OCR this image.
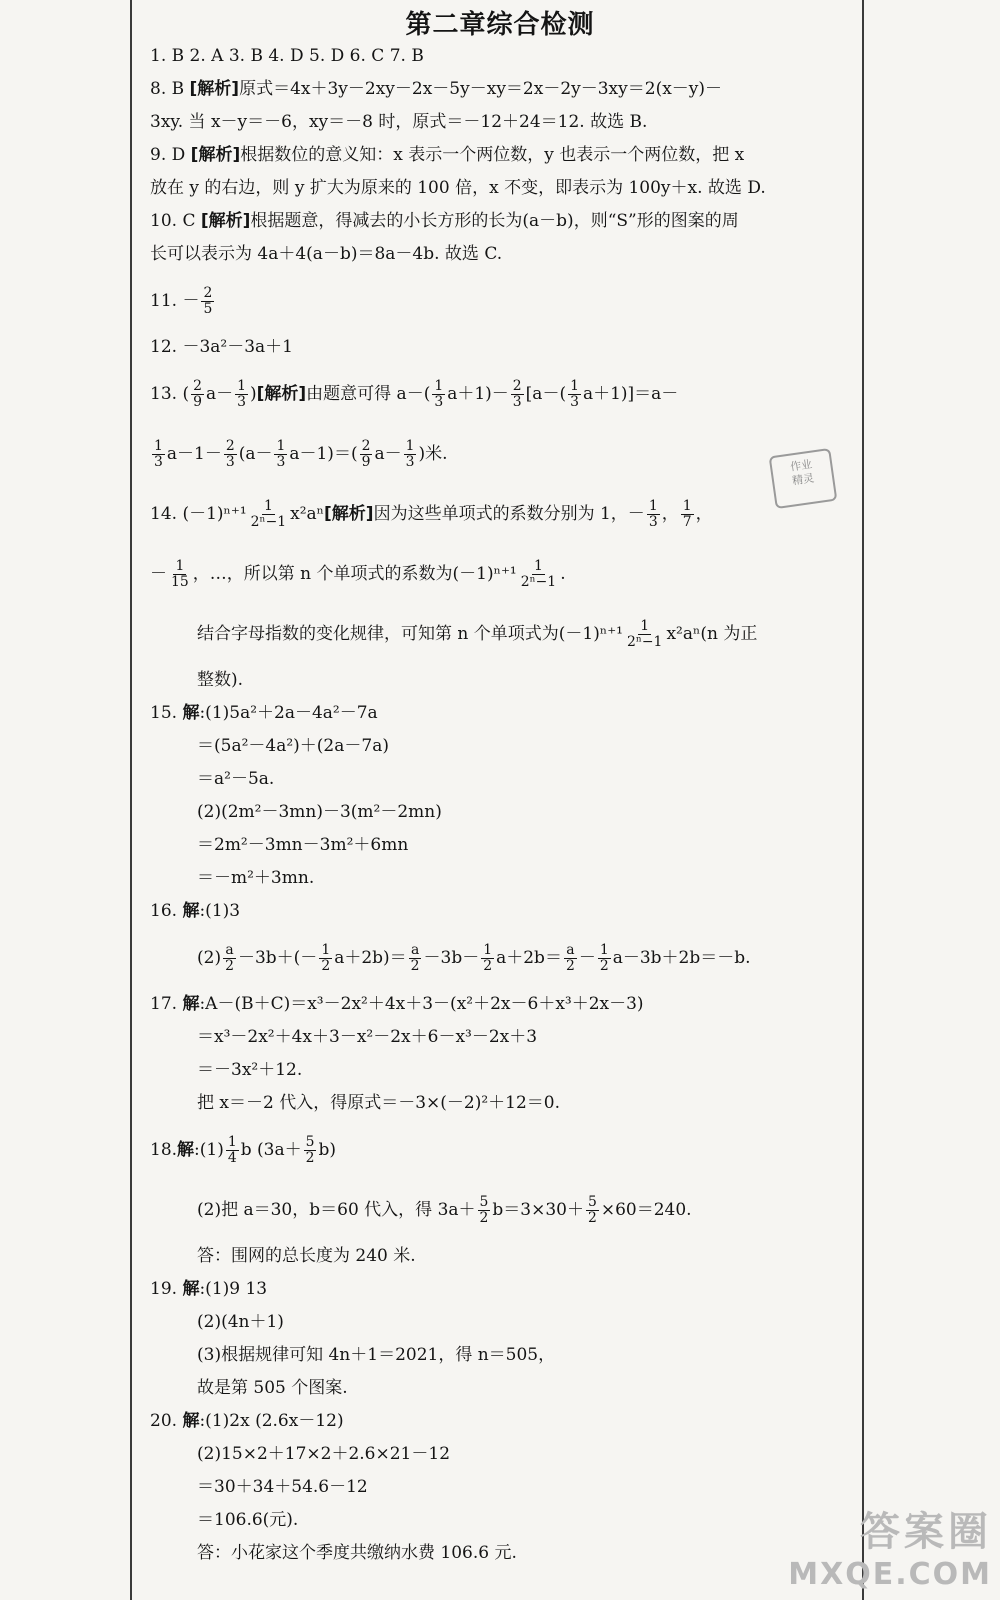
第二章综合检测
1. B 2. A 3. B 4. D 5. D 6. C 7. B
8. B [解析]原式＝4x＋3y－2xy－2x－5y－xy＝2x－2y－3xy＝2(x－y)－
3xy. 当 x－y＝－6，xy＝－8 时，原式＝－12＋24＝12. 故选 B.
9. D [解析]根据数位的意义知：x 表示一个两位数，y 也表示一个两位数，把 x
放在 y 的右边，则 y 扩大为原来的 100 倍，x 不变，即表示为 100y＋x. 故选 D.
10. C [解析]根据题意，得减去的小长方形的长为(a－b)，则“S”形的图案的周
长可以表示为 4a＋4(a－b)＝8a－4b. 故选 C.
11. － $\frac{2}{5}$
12. －3a²－3a＋1
13. ( $\frac{2}{9} a- \frac{1}{3}$ ) [解析] 由题意可得 $a-( \frac{1}{3} a+1)- \frac{2}{3} [a-( \frac{1}{3} a+1)]=a-$
$\frac{1}{3} a-1- \frac{2}{3} (a- \frac{1}{3} a-1)=( \frac{2}{9} a- \frac{1}{3}$ )米.
14. $(-1)^{n+1} \frac{1}{\text{2ⁿ−1}} x^2a^n$ [解析] 因为这些单项式的系数分别为 1，－ $\frac{1}{3}$ ， $\frac{1}{7}$ ，
－ $\frac{1}{15}$ ，…，所以第 n 个单项式的系数为$(-1)^{n+1} \frac{1}{\text{2ⁿ−1}}$ .
结合字母指数的变化规律，可知第 n 个单项式为$(-1)^{n+1} \frac{1}{\text{2ⁿ−1}} x^2a^n(n$ 为正
整数).
15. 解:(1)5a²＋2a－4a²－7a
＝(5a²－4a²)＋(2a－7a)
＝a²－5a.
(2)(2m²－3mn)－3(m²－2mn)
＝2m²－3mn－3m²＋6mn
＝－m²＋3mn.
16. 解:(1)3
$(2) \frac{a}{2} -3b+(- \frac{1}{2} a+2b)= \frac{a}{2} -3b- \frac{1}{2} a+2b= \frac{a}{2} - \frac{1}{2} a-3b+2b=-b$.
17. 解:A－(B＋C)＝x³－2x²＋4x＋3－(x²＋2x－6＋x³＋2x－3)
＝x³－2x²＋4x＋3－x²－2x＋6－x³－2x＋3
＝－3x²＋12.
把 x＝－2 代入，得原式＝－3×(－2)²＋12＝0.
18. 解 :(1) $\frac{1}{4}$ b $(3a+ \frac{5}{2} b)$
(2)把 a＝30，b＝60 代入，得 $3a+ \frac{5}{2} b=3\times 30+ \frac{5}{2} \times 60=240$.
答：围网的总长度为 240 米.
19. 解:(1)9 13
(2)(4n＋1)
(3)根据规律可知 4n＋1＝2021，得 n＝505，
故是第 505 个图案.
20. 解:(1)2x (2.6x－12)
(2)15×2＋17×2＋2.6×21－12
＝30＋34＋54.6－12
＝106.6(元).
答：小花家这个季度共缴纳水费 106.6 元.
作业
精灵
答案圈
MXQE.COM
